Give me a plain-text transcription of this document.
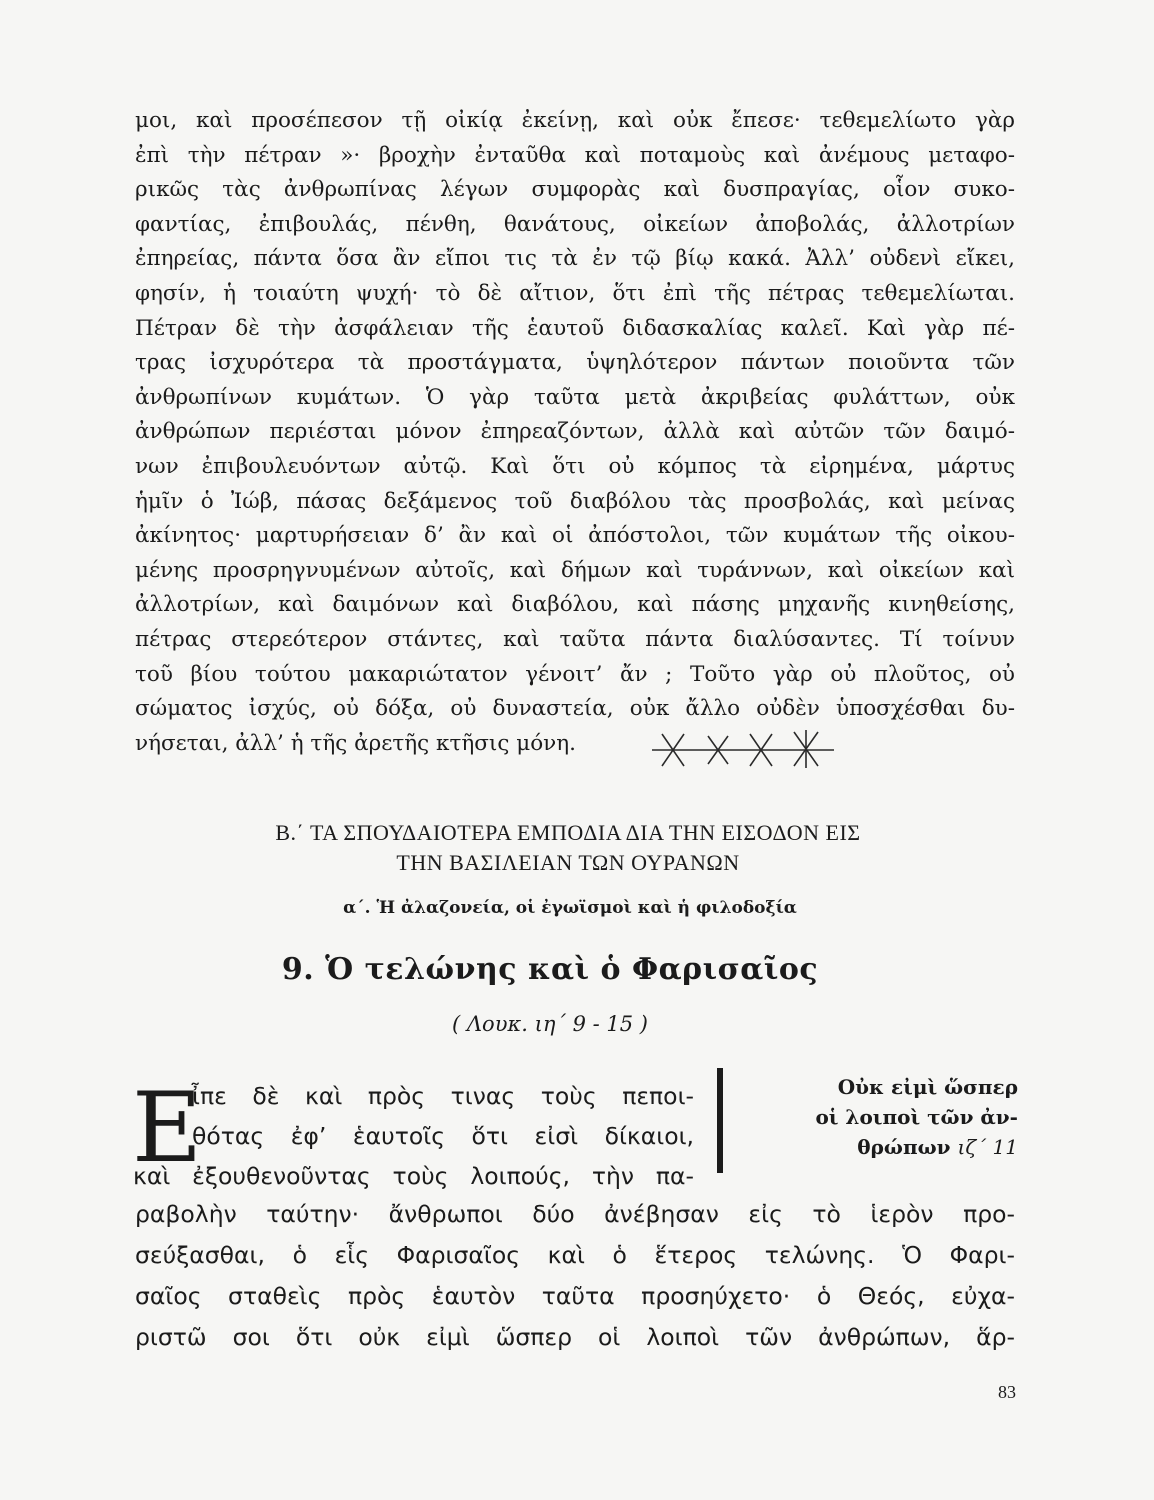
μοι, καὶ προσέπεσον τῇ οἰκίᾳ ἐκείνῃ, καὶ οὐκ ἔπεσε· τεθεμελίωτο γὰρ
ἐπὶ τὴν πέτραν »· βροχὴν ἐνταῦθα καὶ ποταμοὺς καὶ ἀνέμους μεταφο-
ρικῶς τὰς ἀνθρωπίνας λέγων συμφορὰς καὶ δυσπραγίας, οἷον συκο-
φαντίας, ἐπιβουλάς, πένθη, θανάτους, οἰκείων ἀποβολάς, ἀλλοτρίων
ἐπηρείας, πάντα ὅσα ἂν εἴποι τις τὰ ἐν τῷ βίῳ κακά. Ἀλλ’ οὐδενὶ εἴκει,
φησίν, ἡ τοιαύτη ψυχή· τὸ δὲ αἴτιον, ὅτι ἐπὶ τῆς πέτρας τεθεμελίωται.
Πέτραν δὲ τὴν ἀσφάλειαν τῆς ἑαυτοῦ διδασκαλίας καλεῖ. Καὶ γὰρ πέ-
τρας ἰσχυρότερα τὰ προστάγματα, ὑψηλότερον πάντων ποιοῦντα τῶν
ἀνθρωπίνων κυμάτων. Ὁ γὰρ ταῦτα μετὰ ἀκριβείας φυλάττων, οὐκ
ἀνθρώπων περιέσται μόνον ἐπηρεαζόντων, ἀλλὰ καὶ αὐτῶν τῶν δαιμό-
νων ἐπιβουλευόντων αὐτῷ. Καὶ ὅτι οὐ κόμπος τὰ εἰρημένα, μάρτυς
ἡμῖν ὁ Ἰώβ, πάσας δεξάμενος τοῦ διαβόλου τὰς προσβολάς, καὶ μείνας
ἀκίνητος· μαρτυρήσειαν δ’ ἂν καὶ οἱ ἀπόστολοι, τῶν κυμάτων τῆς οἰκου-
μένης προσρηγνυμένων αὐτοῖς, καὶ δήμων καὶ τυράννων, καὶ οἰκείων καὶ
ἀλλοτρίων, καὶ δαιμόνων καὶ διαβόλου, καὶ πάσης μηχανῆς κινηθείσης,
πέτρας στερεότερον στάντες, καὶ ταῦτα πάντα διαλύσαντες. Τί τοίνυν
τοῦ βίου τούτου μακαριώτατον γένοιτ’ ἄν ; Τοῦτο γὰρ οὐ πλοῦτος, οὐ
σώματος ἰσχύς, οὐ δόξα, οὐ δυναστεία, οὐκ ἄλλο οὐδὲν ὑποσχέσθαι δυ-
νήσεται, ἀλλ’ ἡ τῆς ἀρετῆς κτῆσις μόνη.
Β.΄ ΤΑ ΣΠΟΥΔΑΙΟΤΕΡΑ ΕΜΠΟΔΙΑ ΔΙΑ ΤΗΝ ΕΙΣΟΔΟΝ ΕΙΣ
ΤΗΝ ΒΑΣΙΛΕΙΑΝ ΤΩΝ ΟΥΡΑΝΩΝ
α΄. Ἡ ἀλαζονεία, οἱ ἐγωϊσμοὶ καὶ ἡ φιλοδοξία
9. Ὁ τελώνης καὶ ὁ Φαρισαῖος
( Λουκ. ιη΄ 9 - 15 )
Ε
ἶπε δὲ καὶ πρὸς τινας τοὺς πεποι-
θότας ἐφ’ ἑαυτοῖς ὅτι εἰσὶ δίκαιοι,
καὶ ἐξουθενοῦντας τοὺς λοιπούς, τὴν πα-
Οὐκ εἰμὶ ὥσπερ
οἱ λοιποὶ τῶν ἀν-
θρώπων ιζ΄ 11
ραβολὴν ταύτην· ἄνθρωποι δύο ἀνέβησαν εἰς τὸ ἱερὸν προ-
σεύξασθαι, ὁ εἷς Φαρισαῖος καὶ ὁ ἕτερος τελώνης. Ὁ Φαρι-
σαῖος σταθεὶς πρὸς ἑαυτὸν ταῦτα προσηύχετο· ὁ Θεός, εὐχα-
ριστῶ σοι ὅτι οὐκ εἰμὶ ὥσπερ οἱ λοιποὶ τῶν ἀνθρώπων, ἅρ-
83
